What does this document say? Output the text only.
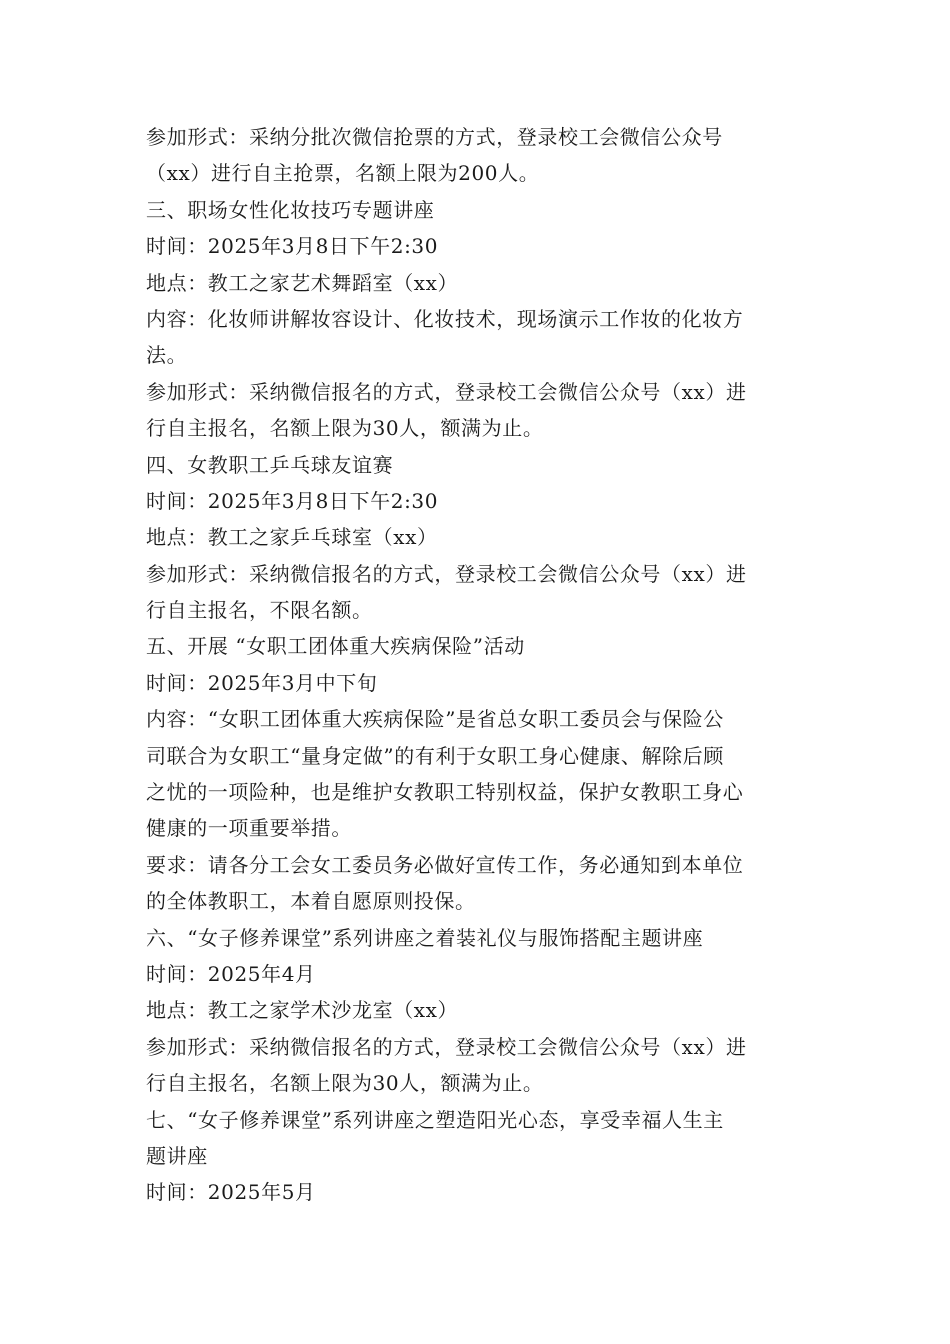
参加形式：采纳分批次微信抢票的方式，登录校工会微信公众号
（xx）进行自主抢票，名额上限为200人。
三、职场女性化妆技巧专题讲座
时间：2025年3月8日下午2:30
地点：教工之家艺术舞蹈室（xx）
内容：化妆师讲解妆容设计、化妆技术，现场演示工作妆的化妆方
法。
参加形式：采纳微信报名的方式，登录校工会微信公众号（xx）进
行自主报名，名额上限为30人，额满为止。
四、女教职工乒乓球友谊赛
时间：2025年3月8日下午2:30
地点：教工之家乒乓球室（xx）
参加形式：采纳微信报名的方式，登录校工会微信公众号（xx）进
行自主报名，不限名额。
五、开展 “女职工团体重大疾病保险”活动
时间：2025年3月中下旬
内容：“女职工团体重大疾病保险”是省总女职工委员会与保险公
司联合为女职工“量身定做”的有利于女职工身心健康、解除后顾
之忧的一项险种，也是维护女教职工特别权益，保护女教职工身心
健康的一项重要举措。
要求：请各分工会女工委员务必做好宣传工作，务必通知到本单位
的全体教职工，本着自愿原则投保。
六、“女子修养课堂”系列讲座之着装礼仪与服饰搭配主题讲座
时间：2025年4月
地点：教工之家学术沙龙室（xx）
参加形式：采纳微信报名的方式，登录校工会微信公众号（xx）进
行自主报名，名额上限为30人，额满为止。
七、“女子修养课堂”系列讲座之塑造阳光心态，享受幸福人生主
题讲座
时间：2025年5月
